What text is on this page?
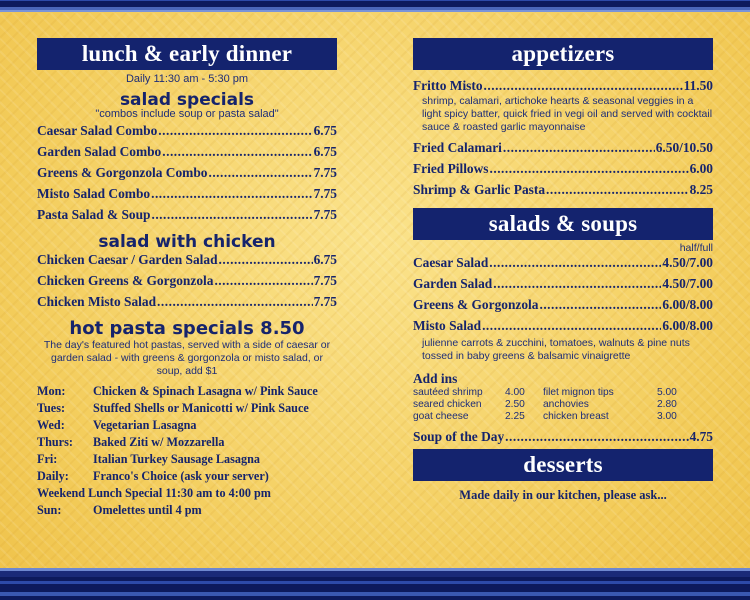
lunch & early dinner
Daily 11:30 am - 5:30 pm
salad specials
"combos include soup or pasta salad"
Caesar Salad Combo .....	6.75
Garden Salad Combo .....	6.75
Greens & Gorgonzola Combo .....	7.75
Misto Salad Combo .....	7.75
Pasta Salad & Soup .....	7.75
salad with chicken
Chicken Caesar / Garden Salad .....	6.75
Chicken Greens & Gorgonzola .....	7.75
Chicken Misto Salad .....	7.75
hot pasta specials 8.50
The day's featured hot pastas, served with a side of caesar or garden salad - with greens & gorgonzola or misto salad, or soup, add $1
Mon:	Chicken & Spinach Lasagna w/ Pink Sauce
Tues:	Stuffed Shells or Manicotti w/ Pink Sauce
Wed:	Vegetarian Lasagna
Thurs:	Baked Ziti w/ Mozzarella
Fri:	Italian Turkey Sausage Lasagna
Daily:	Franco's Choice (ask your server)
Weekend Lunch Special 11:30 am to 4:00 pm
Sun:	Omelettes until 4 pm
appetizers
Fritto Misto .....	11.50
shrimp, calamari, artichoke hearts & seasonal veggies in a light spicy batter, quick fried in vegi oil and served with cocktail sauce & roasted garlic mayonnaise
Fried Calamari .....	6.50/10.50
Fried Pillows .....	6.00
Shrimp & Garlic Pasta .....	8.25
salads & soups
half/full
Caesar Salad .....	4.50/7.00
Garden Salad .....	4.50/7.00
Greens & Gorgonzola .....	6.00/8.00
Misto Salad .....	6.00/8.00
julienne carrots & zucchini, tomatoes, walnuts & pine nuts tossed in baby greens & balsamic vinaigrette
Add ins
sautéed shrimp	4.00	filet mignon tips	5.00
seared chicken	2.50	anchovies	2.80
goat cheese	2.25	chicken breast	3.00
Soup of the Day .....	4.75
desserts
Made daily in our kitchen, please ask...
